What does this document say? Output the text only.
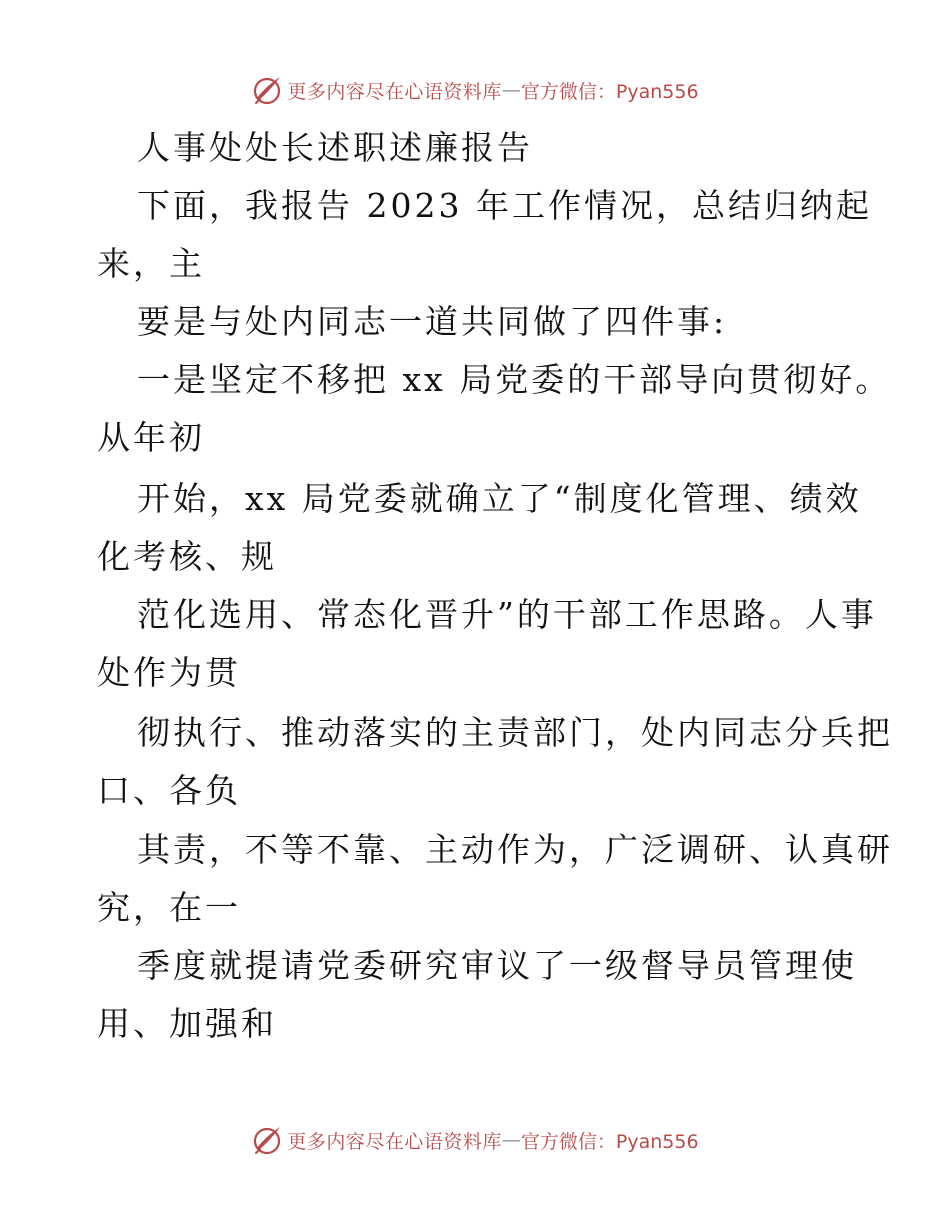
更多内容尽在心语资料库 — 官方微信：Pyan556
人事处处长述职述廉报告
下面，我报告 2023 年工作情况，总结归纳起
来，主
要是与处内同志一道共同做了四件事:
一是坚定不移把 xx 局党委的干部导向贯彻好。
从年初
开始，xx 局党委就确立了“制度化管理、绩效
化考核、规
范化选用、常态化晋升”的干部工作思路。人事
处作为贯
彻执行、推动落实的主责部门，处内同志分兵把
口、各负
其责，不等不靠、主动作为，广泛调研、认真研
究，在一
季度就提请党委研究审议了一级督导员管理使
用、加强和
更多内容尽在心语资料库 — 官方微信：Pyan556
